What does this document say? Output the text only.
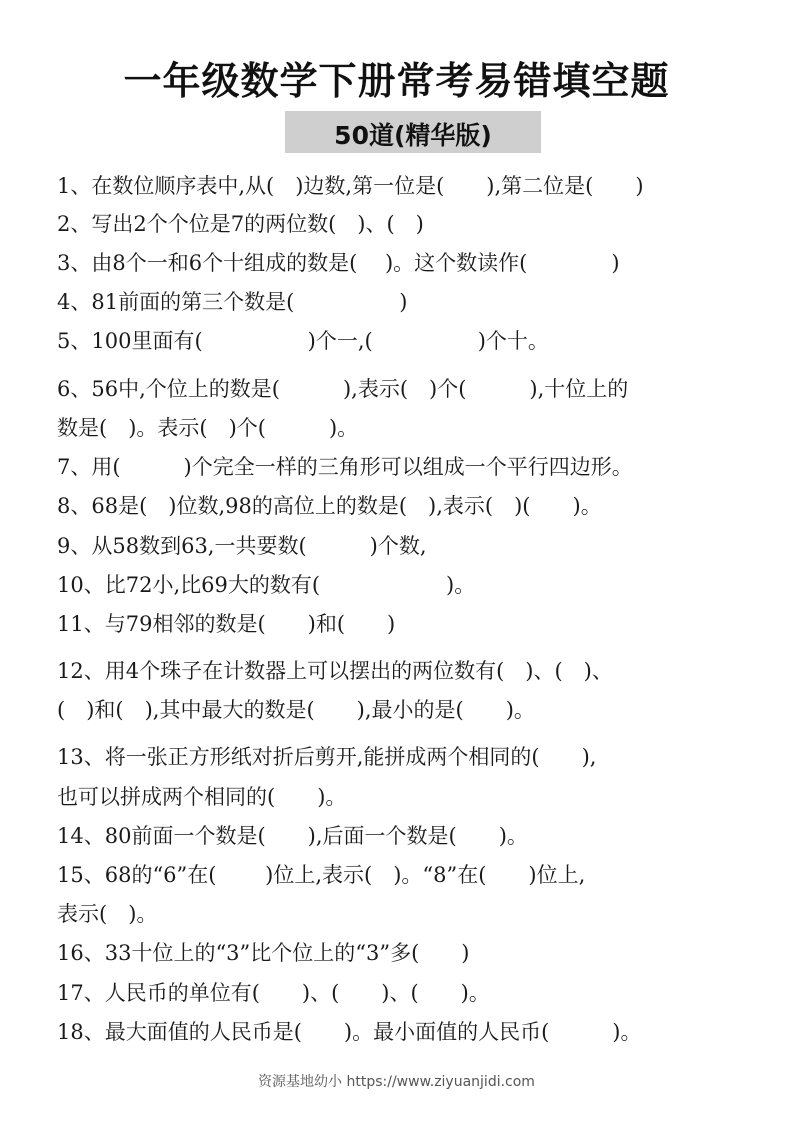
一年级数学下册常考易错填空题
50道(精华版)
1、在数位顺序表中,从(　)边数,第一位是(　　),第二位是(　　)
2、写出2个个位是7的两位数(　)、(　)
3、由8个一和6个十组成的数是(　 )。这个数读作(　　　　)
4、81前面的第三个数是(　　　　　)
5、100里面有(　　　　　)个一,(　　　　　)个十。
6、56中,个位上的数是(　　　),表示(　)个(　　　),十位上的
数是(　)。表示(　)个(　　　)。
7、用(　　　)个完全一样的三角形可以组成一个平行四边形。
8、68是(　)位数,98的高位上的数是(　),表示(　)(　　)。
9、从58数到63,一共要数(　　　)个数,
10、比72小,比69大的数有(　　　　　　)。
11、与79相邻的数是(　　)和(　　)
12、用4个珠子在计数器上可以摆出的两位数有(　)、(　)、
(　)和(　),其中最大的数是(　　),最小的是(　　)。
13、将一张正方形纸对折后剪开,能拼成两个相同的(　　),
也可以拼成两个相同的(　　)。
14、80前面一个数是(　　),后面一个数是(　　)。
15、68的“6”在(　　 )位上,表示(　)。“8”在(　　)位上,
表示(　)。
16、33十位上的“3”比个位上的“3”多(　　)
17、人民币的单位有(　　)、(　　)、(　　)。
18、最大面值的人民币是(　　)。最小面值的人民币(　　　)。
资源基地幼小 https://www.ziyuanjidi.com
